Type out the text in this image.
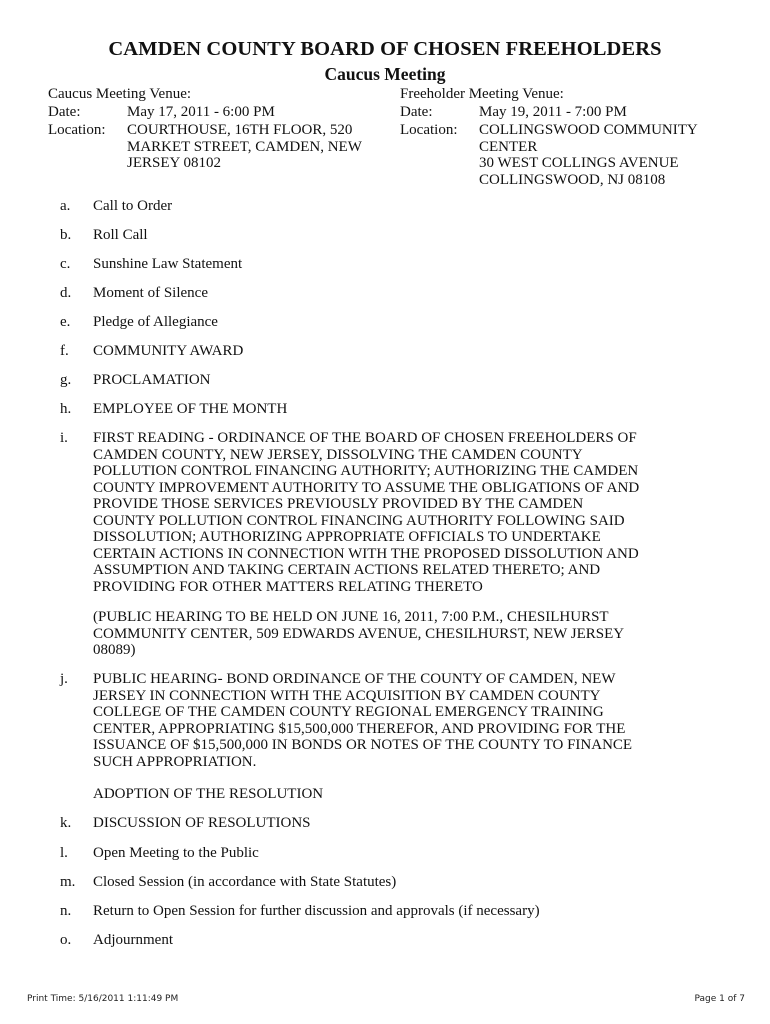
CAMDEN COUNTY BOARD OF CHOSEN FREEHOLDERS
Caucus Meeting
Caucus Meeting Venue:
Date:	May 17, 2011 - 6:00 PM
Location: COURTHOUSE, 16TH FLOOR, 520
MARKET STREET, CAMDEN, NEW
JERSEY 08102
Freeholder Meeting Venue:
Date:	May 19, 2011 - 7:00 PM
Location: COLLINGSWOOD COMMUNITY
CENTER
30 WEST COLLINGS AVENUE
COLLINGSWOOD, NJ 08108
a. Call to Order
b. Roll Call
c. Sunshine Law Statement
d. Moment of Silence
e. Pledge of Allegiance
f. COMMUNITY AWARD
g. PROCLAMATION
h. EMPLOYEE OF THE MONTH
i. FIRST READING - ORDINANCE OF THE BOARD OF CHOSEN FREEHOLDERS OF
CAMDEN COUNTY, NEW JERSEY, DISSOLVING THE CAMDEN COUNTY
POLLUTION CONTROL FINANCING AUTHORITY; AUTHORIZING THE CAMDEN
COUNTY IMPROVEMENT AUTHORITY TO ASSUME THE OBLIGATIONS OF AND
PROVIDE THOSE SERVICES PREVIOUSLY PROVIDED BY THE CAMDEN
COUNTY POLLUTION CONTROL FINANCING AUTHORITY FOLLOWING SAID
DISSOLUTION; AUTHORIZING APPROPRIATE OFFICIALS TO UNDERTAKE
CERTAIN ACTIONS IN CONNECTION WITH THE PROPOSED DISSOLUTION AND
ASSUMPTION AND TAKING CERTAIN ACTIONS RELATED THERETO; AND
PROVIDING FOR OTHER MATTERS RELATING THERETO
(PUBLIC HEARING TO BE HELD ON JUNE 16, 2011, 7:00 P.M., CHESILHURST
COMMUNITY CENTER, 509 EDWARDS AVENUE, CHESILHURST, NEW JERSEY
08089)
j. PUBLIC HEARING- BOND ORDINANCE OF THE COUNTY OF CAMDEN, NEW
JERSEY IN CONNECTION WITH THE ACQUISITION BY CAMDEN COUNTY
COLLEGE OF THE CAMDEN COUNTY REGIONAL EMERGENCY TRAINING
CENTER, APPROPRIATING $15,500,000 THEREFOR, AND PROVIDING FOR THE
ISSUANCE OF $15,500,000 IN BONDS OR NOTES OF THE COUNTY TO FINANCE
SUCH APPROPRIATION.
ADOPTION OF THE RESOLUTION
k. DISCUSSION OF RESOLUTIONS
l. Open Meeting to the Public
m. Closed Session (in accordance with State Statutes)
n. Return to Open Session for further discussion and approvals (if necessary)
o. Adjournment
Print Time: 5/16/2011 1:11:49 PM	Page 1 of 7
